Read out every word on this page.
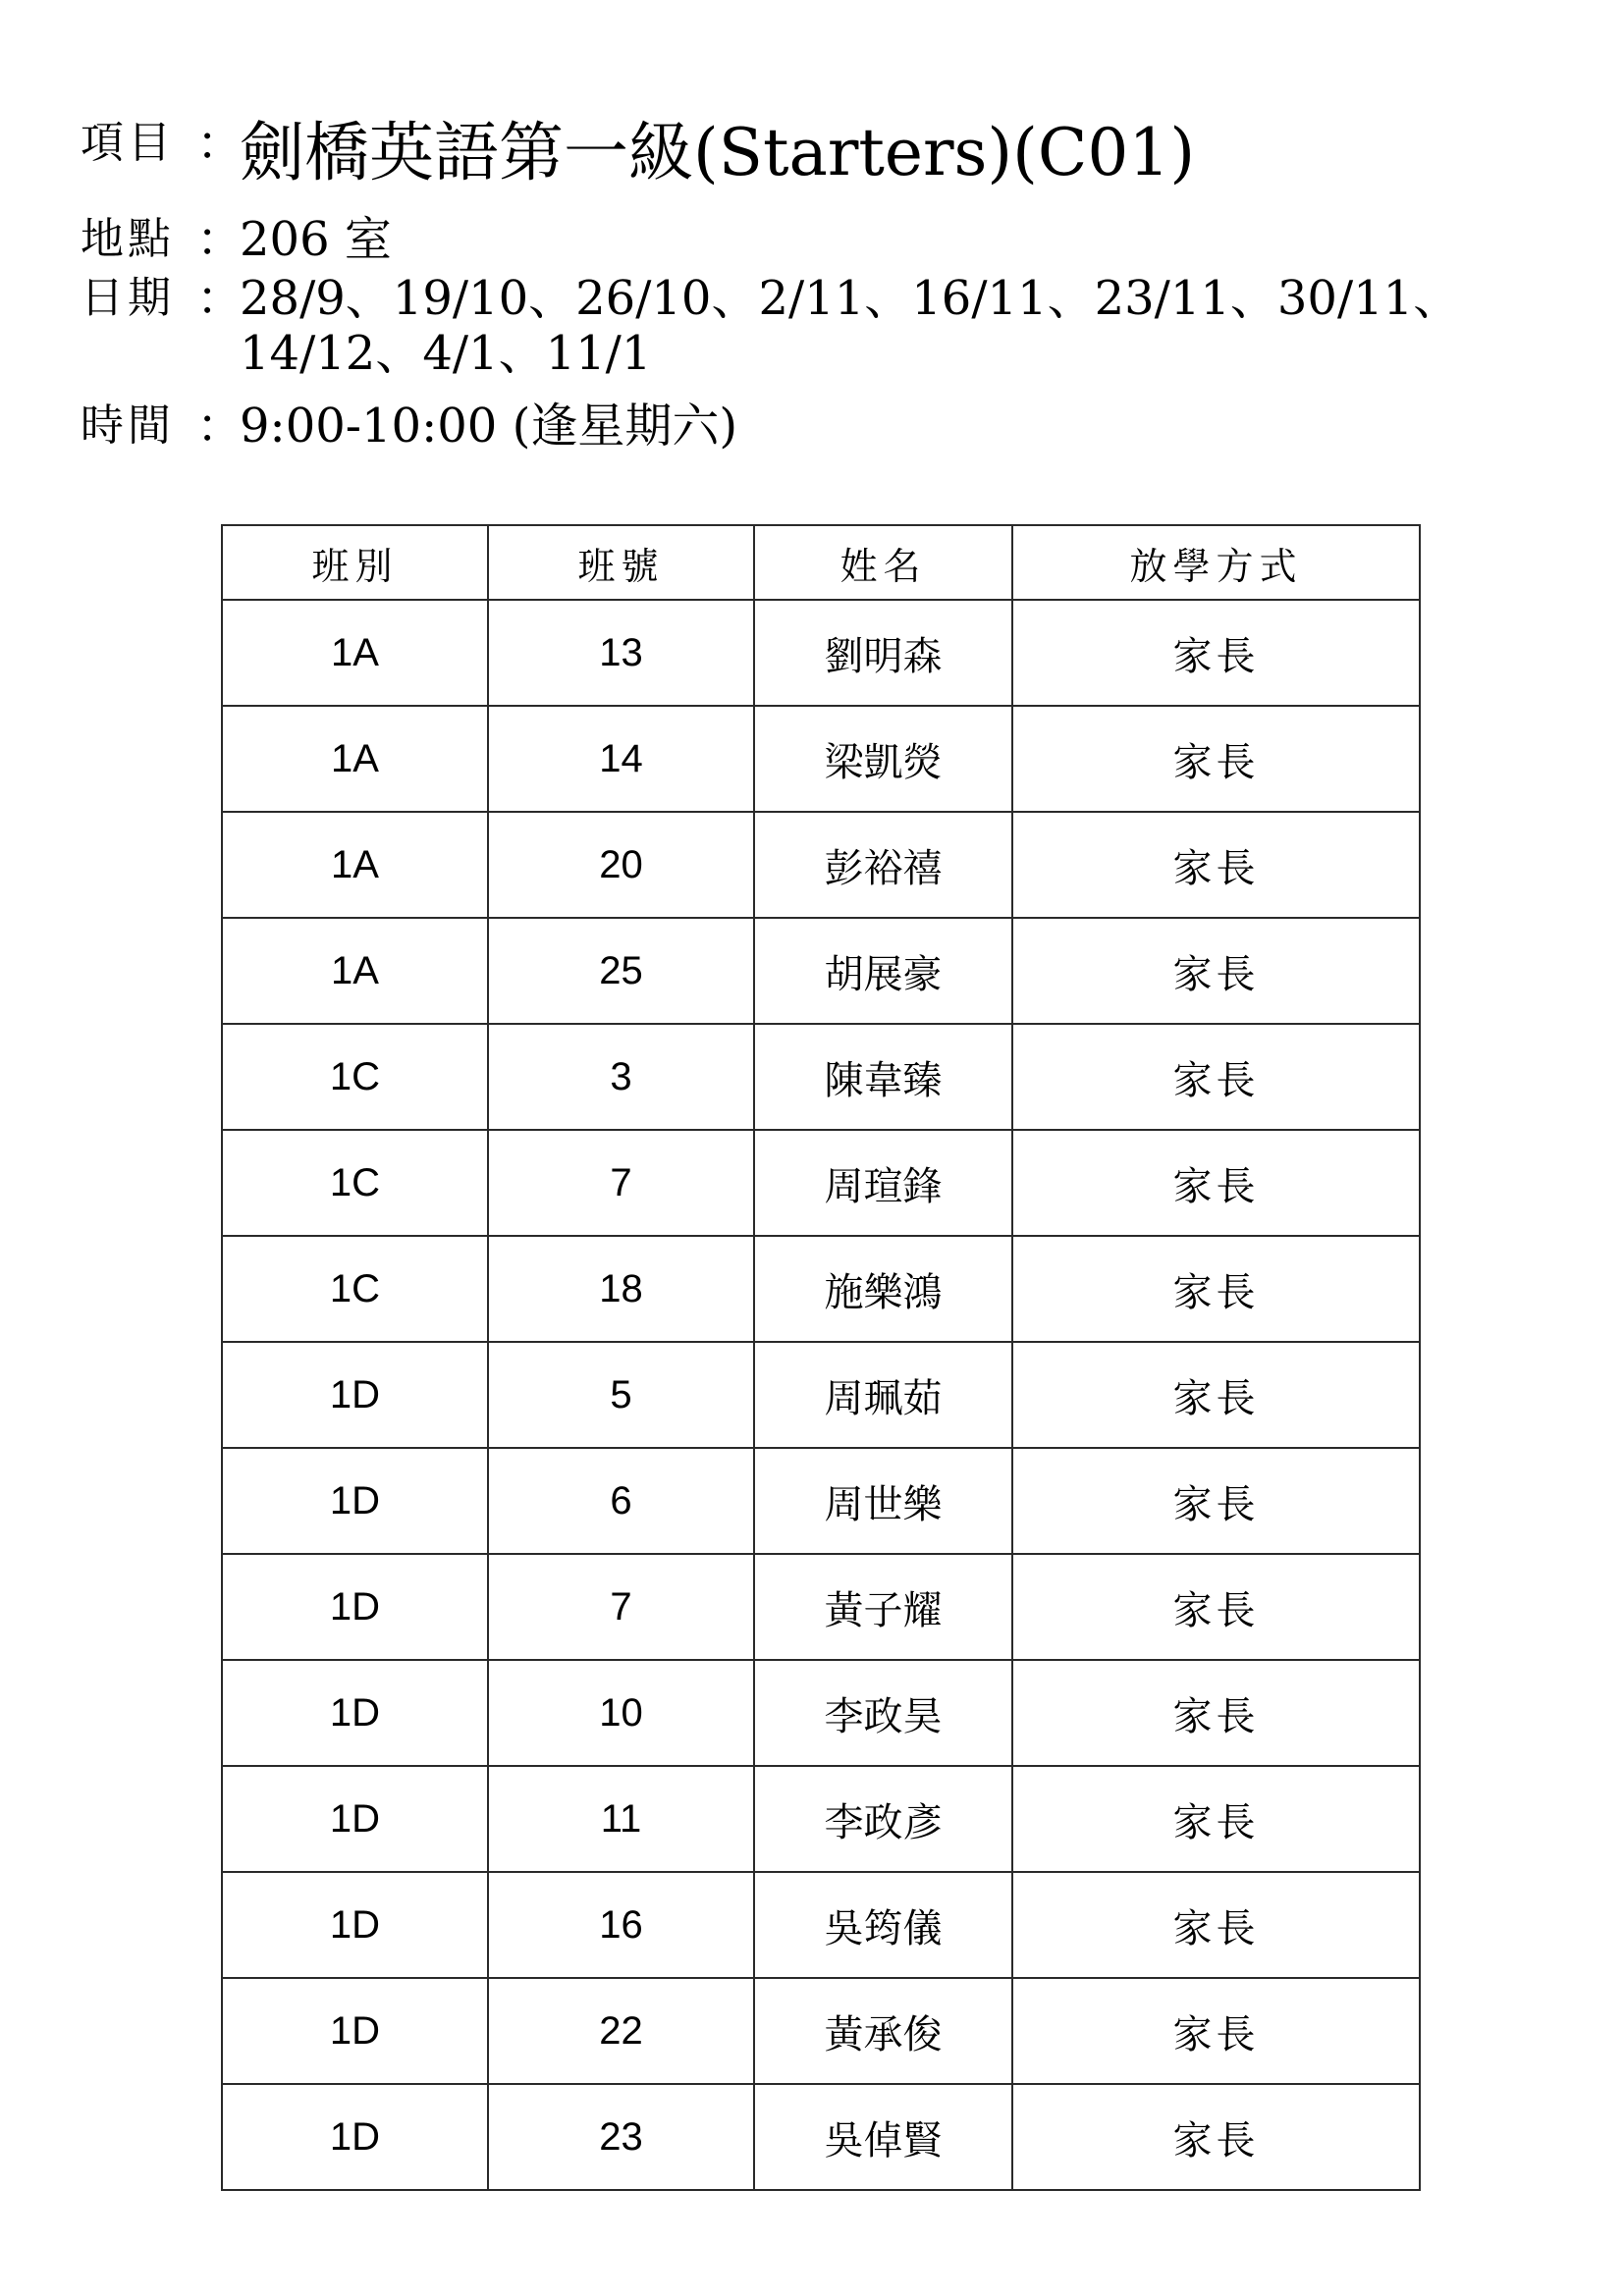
項目 ：
劍橋英語第一級(Starters)(C01)
地點 ：
206 室
日期 ：
28/9、19/10、26/10、2/11、16/11、23/11、30/11、
14/12、4/1、11/1
時間 ：
9:00-10:00 (逢星期六)
班別	班號	姓名	放學方式
1A	13	劉明森	家長
1A	14	梁凱熒	家長
1A	20	彭裕禧	家長
1A	25	胡展豪	家長
1C	3	陳韋臻	家長
1C	7	周瑄鋒	家長
1C	18	施樂鴻	家長
1D	5	周珮茹	家長
1D	6	周世樂	家長
1D	7	黃子耀	家長
1D	10	李政昊	家長
1D	11	李政彥	家長
1D	16	吳筠儀	家長
1D	22	黃承俊	家長
1D	23	吳倬賢	家長
